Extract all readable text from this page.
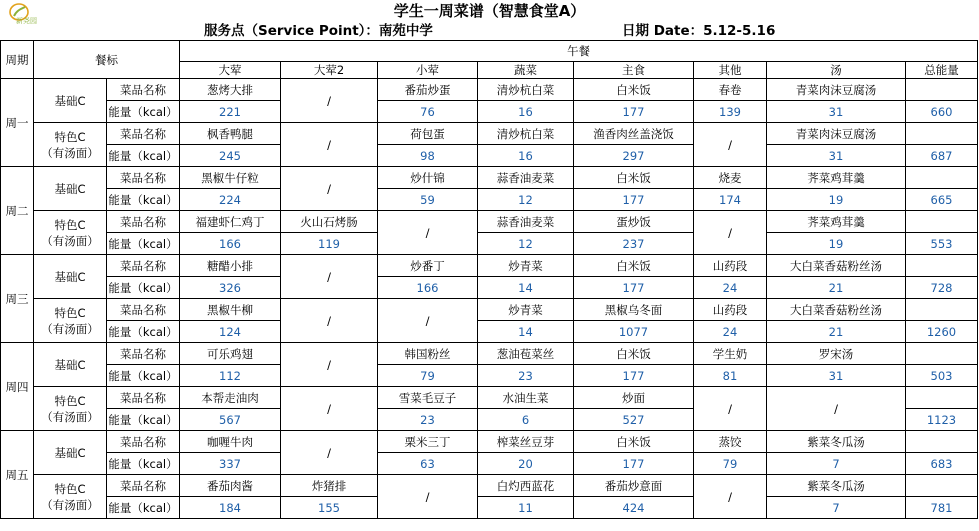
新尧园
学生一周菜谱（智慧食堂A）
服务点（Service Point）：南苑中学	日期 Date：5.12-5.16
周期	餐标		午餐							
			大荤	大荤2	小荤	蔬菜	主食	其他	汤	总能量
周一	基础C	菜品名称	葱烤大排	/	番茄炒蛋	清炒杭白菜	白米饭	春卷	青菜肉沫豆腐汤	
		能量（kcal）	221		76	16	177	139	31	660
	特色C
（有汤面）	菜品名称	枫香鸭腿	/	荷包蛋	清炒杭白菜	渔香肉丝盖浇饭	/	青菜肉沫豆腐汤	
		能量（kcal）	245		98	16	297		31	687
周二	基础C	菜品名称	黑椒牛仔粒	/	炒什锦	蒜香油麦菜	白米饭	烧麦	荠菜鸡茸羹	
		能量（kcal）	224		59	12	177	174	19	665
	特色C
（有汤面）	菜品名称	福建虾仁鸡丁	火山石烤肠	/	蒜香油麦菜	蛋炒饭	/	荠菜鸡茸羹	
		能量（kcal）	166	119		12	237		19	553
周三	基础C	菜品名称	糖醋小排	/	炒番丁	炒青菜	白米饭	山药段	大白菜香菇粉丝汤	
		能量（kcal）	326		166	14	177	24	21	728
	特色C
（有汤面）	菜品名称	黑椒牛柳	/	/	炒青菜	黑椒乌冬面	山药段	大白菜香菇粉丝汤	
		能量（kcal）	124			14	1077	24	21	1260
周四	基础C	菜品名称	可乐鸡翅	/	韩国粉丝	葱油苞菜丝	白米饭	学生奶	罗宋汤	
		能量（kcal）	112		79	23	177	81	31	503
	特色C
（有汤面）	菜品名称	本帮走油肉	/	雪菜毛豆子	水油生菜	炒面	/	/	
		能量（kcal）	567		23	6	527			1123
周五	基础C	菜品名称	咖喱牛肉	/	栗米三丁	榨菜丝豆芽	白米饭	蒸饺	紫菜冬瓜汤	
		能量（kcal）	337		63	20	177	79	7	683
	特色C
（有汤面）	菜品名称	番茄肉酱	炸猪排	/	白灼西蓝花	番茄炒意面	/	紫菜冬瓜汤	
		能量（kcal）	184	155		11	424		7	781
